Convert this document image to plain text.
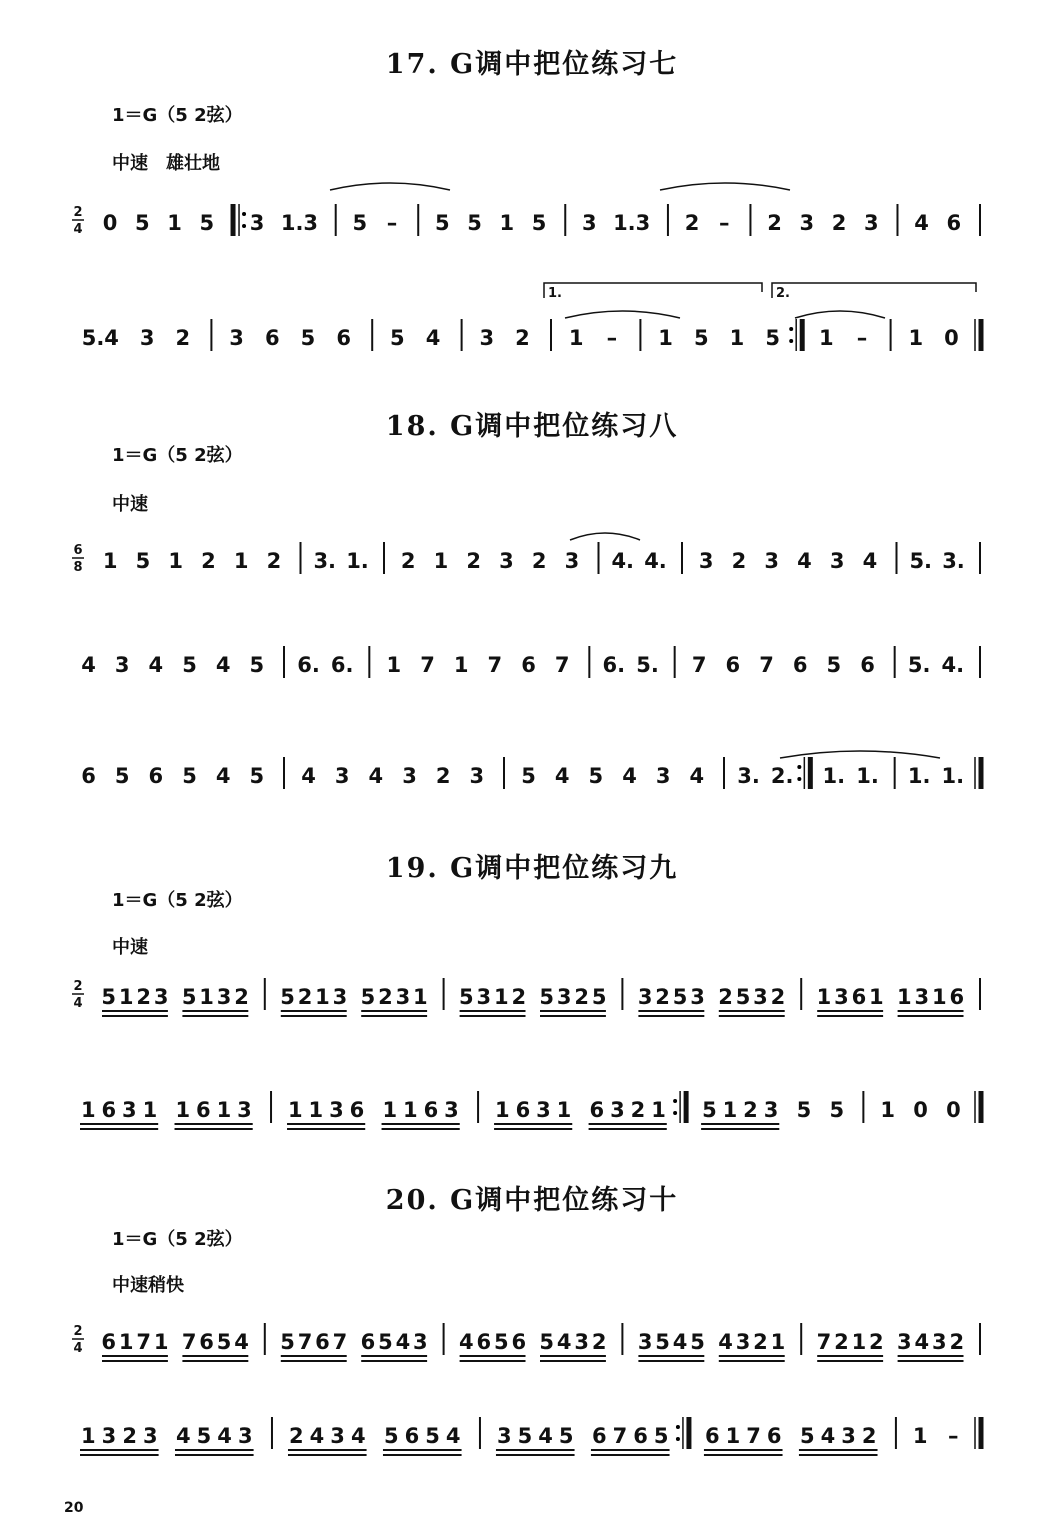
17. G调中把位练习七
1＝G（5 2弦）
中速　雄壮地
18. G调中把位练习八
1＝G（5 2弦）
中速
19. G调中把位练习九
1＝G（5 2弦）
中速
20. G调中把位练习十
1＝G（5 2弦）
中速稍快
2
4 0 5 1 5 3 1.3 5 – 5 5 1 5 3 1.3 2 – 2 3 2 3 4 6
5.4 3 2 3 6 5 6 5 4 3 2 1 – 1 5 1 5 1 – 1 0
6
8 1 5 1 2 1 2 3. 1. 2 1 2 3 2 3 4. 4. 3 2 3 4 3 4 5. 3.
4 3 4 5 4 5 6. 6. 1 7 1 7 6 7 6. 5. 7 6 7 6 5 6 5. 4.
6 5 6 5 4 5 4 3 4 3 2 3 5 4 5 4 3 4 3. 2. 1. 1. 1. 1.
2
4 5 1 2 3 5 1 3 2 5 2 1 3 5 2 3 1 5 3 1 2 5 3 2 5 3 2 5 3 2 5 3 2 1 3 6 1 1 3 1 6
1 6 3 1 1 6 1 3 1 1 3 6 1 1 6 3 1 6 3 1 6 3 2 1 5 1 2 3 5 5 1 0 0
2
4 6 1 7 1 7 6 5 4 5 7 6 7 6 5 4 3 4 6 5 6 5 4 3 2 3 5 4 5 4 3 2 1 7 2 1 2 3 4 3 2
1 3 2 3 4 5 4 3 2 4 3 4 5 6 5 4 3 5 4 5 6 7 6 5 6 1 7 6 5 4 3 2 1 –
1.	2.
20
